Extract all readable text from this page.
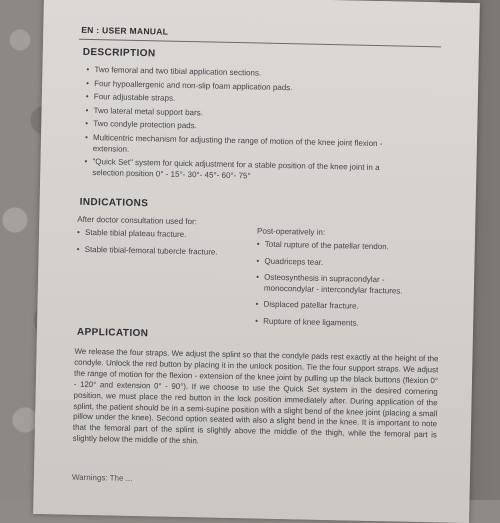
EN : USER MANUAL
DESCRIPTION
• Two femoral and two tibial application sections.
• Four hypoallergenic and non-slip foam application pads.
• Four adjustable straps.
• Two lateral metal support bars.
• Two condyle protection pads.
• Multicentric mechanism for adjusting the range of motion of the knee joint flexion - extension.
• "Quick Set" system for quick adjustment for a stable position of the knee joint in a selection position 0° - 15°- 30°- 45°- 60°- 75°
INDICATIONS
After doctor consultation used for:
• Stable tibial plateau fracture.
• Stable tibial-femoral tubercle fracture.
Post-operatively in:
• Total rupture of the patellar tendon.
• Quadriceps tear.
• Osteosynthesis in supracondylar - monocondylar - intercondylar fractures.
• Displaced patellar fracture.
• Rupture of knee ligaments.
APPLICATION
We release the four straps. We adjust the splint so that the condyle pads rest exactly at the height of the condyle. Unlock the red button by placing it in the unlock position. Tie the four support straps. We adjust the range of motion for the flexion - extension of the knee joint by pulling up the black buttons (flexion 0° - 120° and extension 0° - 90°). If we choose to use the Quick Set system in the desired cornering position, we must place the red button in the lock position immediately after. During application of the splint, the patient should be in a semi-supine position with a slight bend of the knee joint (placing a small pillow under the knee). Second option seated with also a slight bend in the knee. It is important to note that the femoral part of the splint is slightly above the middle of the thigh, while the femoral part is slightly below the middle of the shin.
Warnings: The ...
